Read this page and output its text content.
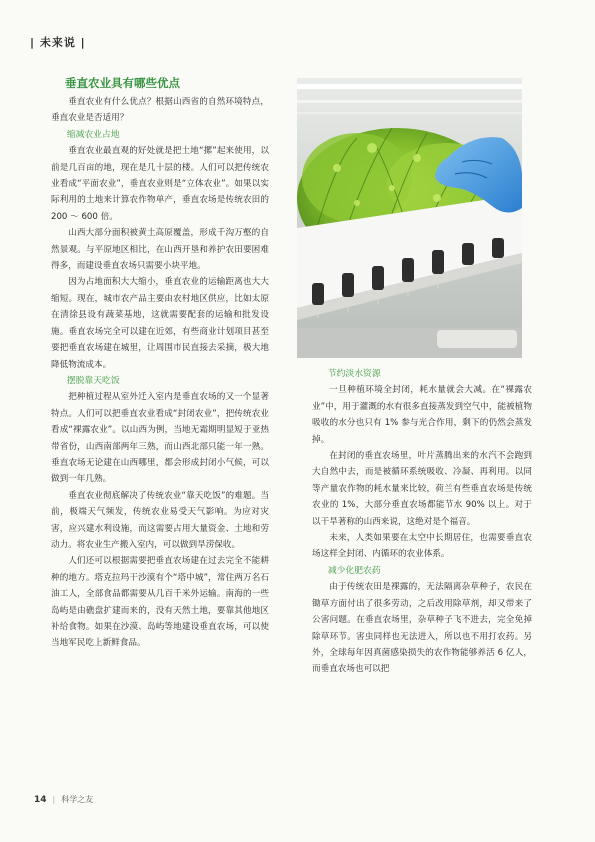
| 未来说 |
垂直农业具有哪些优点

垂直农业有什么优点？根据山西省的自然环境特点，垂直农业是否适用？

缩减农业占地

垂直农业最直观的好处就是把土地“摞”起来使用，以前是几百亩的地，现在是几十层的楼。人们可以把传统农业看成“平面农业”，垂直农业则是“立体农业”。如果以实际利用的土地来计算农作物单产，垂直农场是传统农田的 200 ～ 600 倍。

山西大部分面积被黄土高原覆盖，形成千沟万壑的自然景观。与平原地区相比，在山西开垦和养护农田要困难得多，而建设垂直农场只需要小块平地。

因为占地面积大大缩小，垂直农业的运输距离也大大缩短。现在，城市农产品主要由农村地区供应，比如太原在清徐县设有蔬菜基地，这就需要配套的运输和批发设施。垂直农场完全可以建在近郊，有些商业计划项目甚至要把垂直农场建在城里，让周围市民直接去采摘，极大地降低物流成本。

摆脱靠天吃饭

把种植过程从室外迁入室内是垂直农场的又一个显著特点。人们可以把垂直农业看成“封闭农业”，把传统农业看成“裸露农业”。以山西为例，当地无霜期明显短于亚热带省份，山西南部两年三熟，而山西北部只能一年一熟。垂直农场无论建在山西哪里，都会形成封闭小气候，可以做到一年几熟。

垂直农业彻底解决了传统农业“靠天吃饭”的难题。当前，极端天气频发，传统农业易受天气影响。为应对灾害，应兴建水利设施，而这需要占用大量资金、土地和劳动力。将农业生产搬入室内，可以做到旱涝保收。

人们还可以根据需要把垂直农场建在过去完全不能耕种的地方。塔克拉玛干沙漠有个“塔中城”，常住两万名石油工人，全部食品都需要从几百千米外运输。南海的一些岛屿是由礁盘扩建而来的，没有天然土地，要靠其他地区补给食物。如果在沙漠、岛屿等地建设垂直农场，可以使当地军民吃上新鲜食品。

节约淡水资源

一旦种植环境全封闭，耗水量就会大减。在“裸露农业”中，用于灌溉的水有很多直接蒸发到空气中，能被植物吸收的水分也只有 1% 参与光合作用，剩下的仍然会蒸发掉。

在封闭的垂直农场里，叶片蒸腾出来的水汽不会跑到大自然中去，而是被循环系统吸收、冷凝、再利用。以同等产量农作物的耗水量来比较，荷兰有些垂直农场是传统农业的 1%，大部分垂直农场都能节水 90% 以上。对于以干旱著称的山西来说，这绝对是个福音。

未来，人类如果要在太空中长期居住，也需要垂直农场这样全封闭、内循环的农业体系。

减少化肥农药

由于传统农田是裸露的，无法隔离杂草种子，农民在锄草方面付出了很多劳动，之后改用除草剂，却又带来了公害问题。在垂直农场里，杂草种子飞不进去，完全免掉除草环节。害虫同样也无法进入，所以也不用打农药。另外，全球每年因真菌感染损失的农作物能够养活 6 亿人，而垂直农场也可以把

14 | 科学之友
